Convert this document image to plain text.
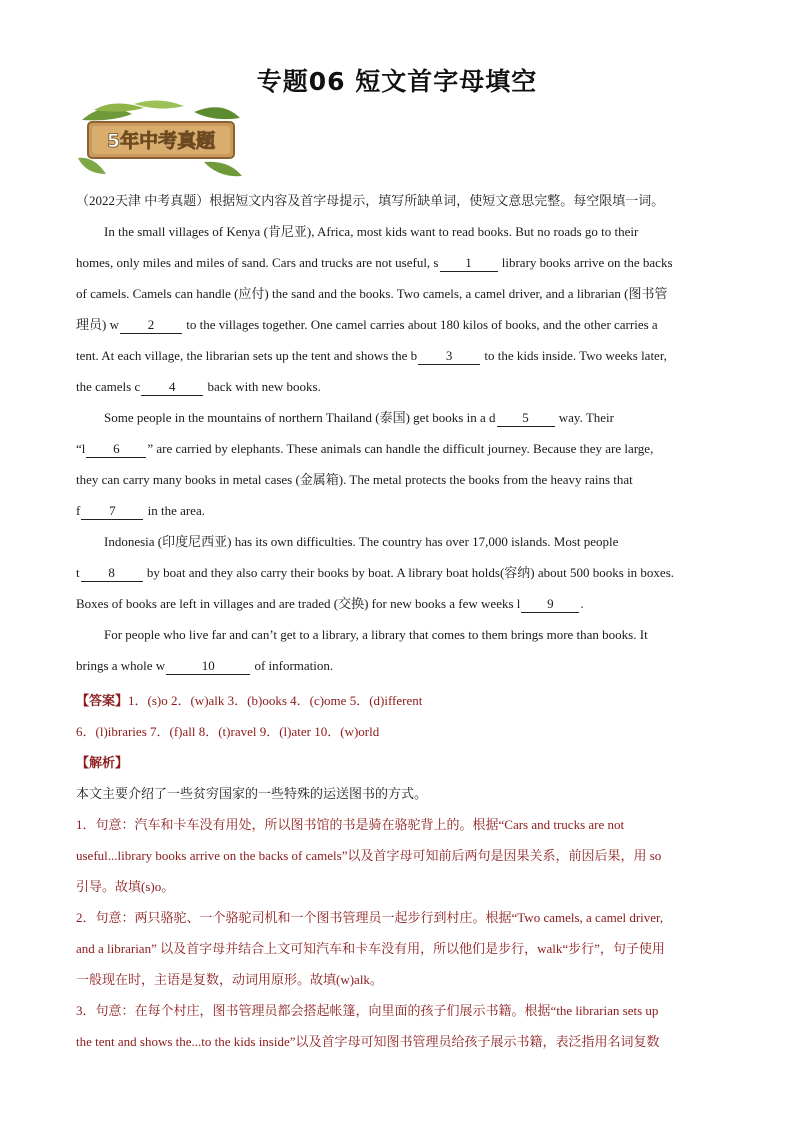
专题06 短文首字母填空
5年中考真题
（2022天津 中考真题）根据短文内容及首字母提示，填写所缺单词，使短文意思完整。每空限填一词。
In the small villages of Kenya (肯尼亚), Africa, most kids want to read books. But no roads go to their
homes, only miles and miles of sand. Cars and trucks are not useful, s 1 library books arrive on the backs
of camels. Camels can handle (应付) the sand and the books. Two camels, a camel driver, and a librarian (图书管
理员) w 2 to the villages together. One camel carries about 180 kilos of books, and the other carries a
tent. At each village, the librarian sets up the tent and shows the b 3 to the kids inside. Two weeks later,
the camels c 4 back with new books.
Some people in the mountains of northern Thailand (泰国) get books in a d 5 way. Their
“l 6 ” are carried by elephants. These animals can handle the difficult journey. Because they are large,
they can carry many books in metal cases (金属箱). The metal protects the books from the heavy rains that
f 7 in the area.
Indonesia (印度尼西亚) has its own difficulties. The country has over 17,000 islands. Most people
t 8 by boat and they also carry their books by boat. A library boat holds(容纳) about 500 books in boxes.
Boxes of books are left in villages and are traded (交换) for new books a few weeks l 9 .
For people who live far and can’t get to a library, a library that comes to them brings more than books. It
brings a whole w	10	of information.
【答案】1．(s)o 2．(w)alk 3．(b)ooks 4．(c)ome 5．(d)ifferent
6．(l)ibraries 7．(f)all 8．(t)ravel 9．(l)ater 10．(w)orld
【解析】
本文主要介绍了一些贫穷国家的一些特殊的运送图书的方式。
1．句意：汽车和卡车没有用处，所以图书馆的书是骑在骆驼背上的。根据“Cars and trucks are not
useful...library books arrive on the backs of camels”以及首字母可知前后两句是因果关系，前因后果，用 so
引导。故填(s)o。
2．句意：两只骆驼、一个骆驼司机和一个图书管理员一起步行到村庄。根据“Two camels, a camel driver,
and a librarian” 以及首字母并结合上文可知汽车和卡车没有用，所以他们是步行，walk“步行”，句子使用
一般现在时，主语是复数，动词用原形。故填(w)alk。
3．句意：在每个村庄，图书管理员都会搭起帐篷，向里面的孩子们展示书籍。根据“the librarian sets up
the tent and shows the...to the kids inside”以及首字母可知图书管理员给孩子展示书籍，表泛指用名词复数
